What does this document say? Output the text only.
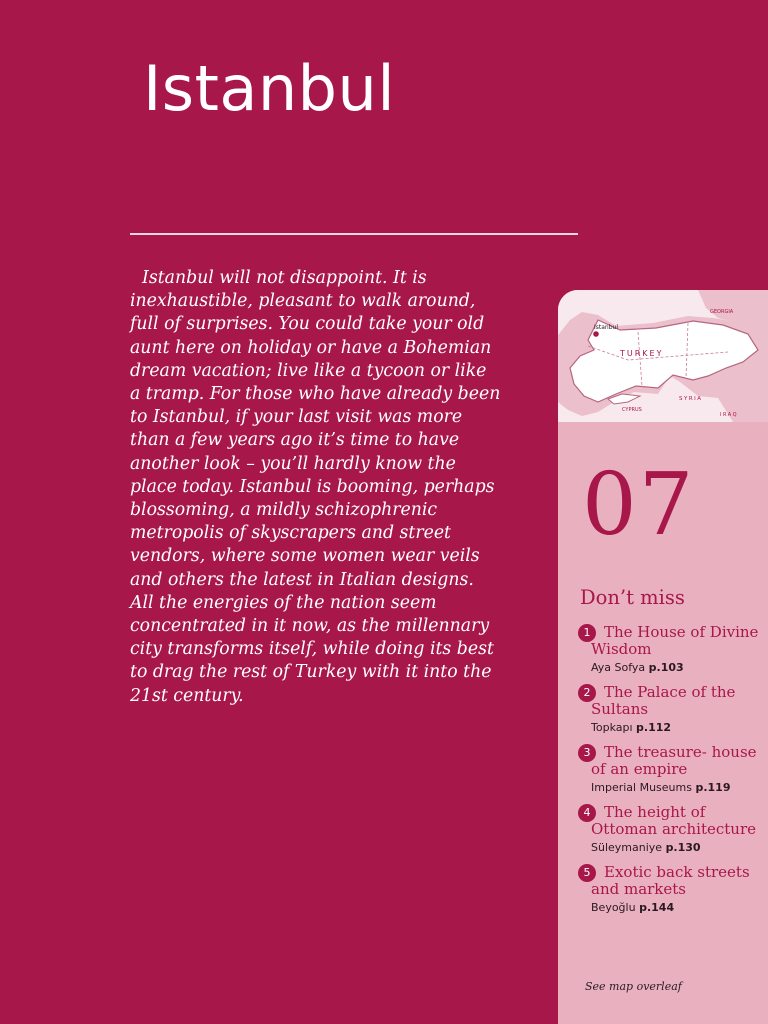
Istanbul

Istanbul will not disappoint. It is inexhaustible, pleasant to walk around, full of surprises. You could take your old aunt here on holiday or have a Bohemian dream vacation; live like a tycoon or like a tramp. For those who have already been to Istanbul, if your last visit was more than a few years ago it’s time to have another look – you’ll hardly know the place today. Istanbul is booming, perhaps blossoming, a mildly schizophrenic metropolis of skyscrapers and street vendors, where some women wear veils and others the latest in Italian designs. All the energies of the nation seem concentrated in it now, as the millennary city transforms itself, while doing its best to drag the rest of Turkey with it into the 21st century.

Istanbul
TURKEY
GEORGIA
SYRIA
IRAQ
CYPRUS
07
Don’t miss
1 The House of Divine Wisdom
Aya Sofya p.103
2 The Palace of the Sultans
Topkapı p.112
3 The treasure- house of an empire
Imperial Museums p.119
4 The height of Ottoman architecture
Süleymaniye p.130
5 Exotic back streets and markets
Beyoğlu p.144

See map overleaf
